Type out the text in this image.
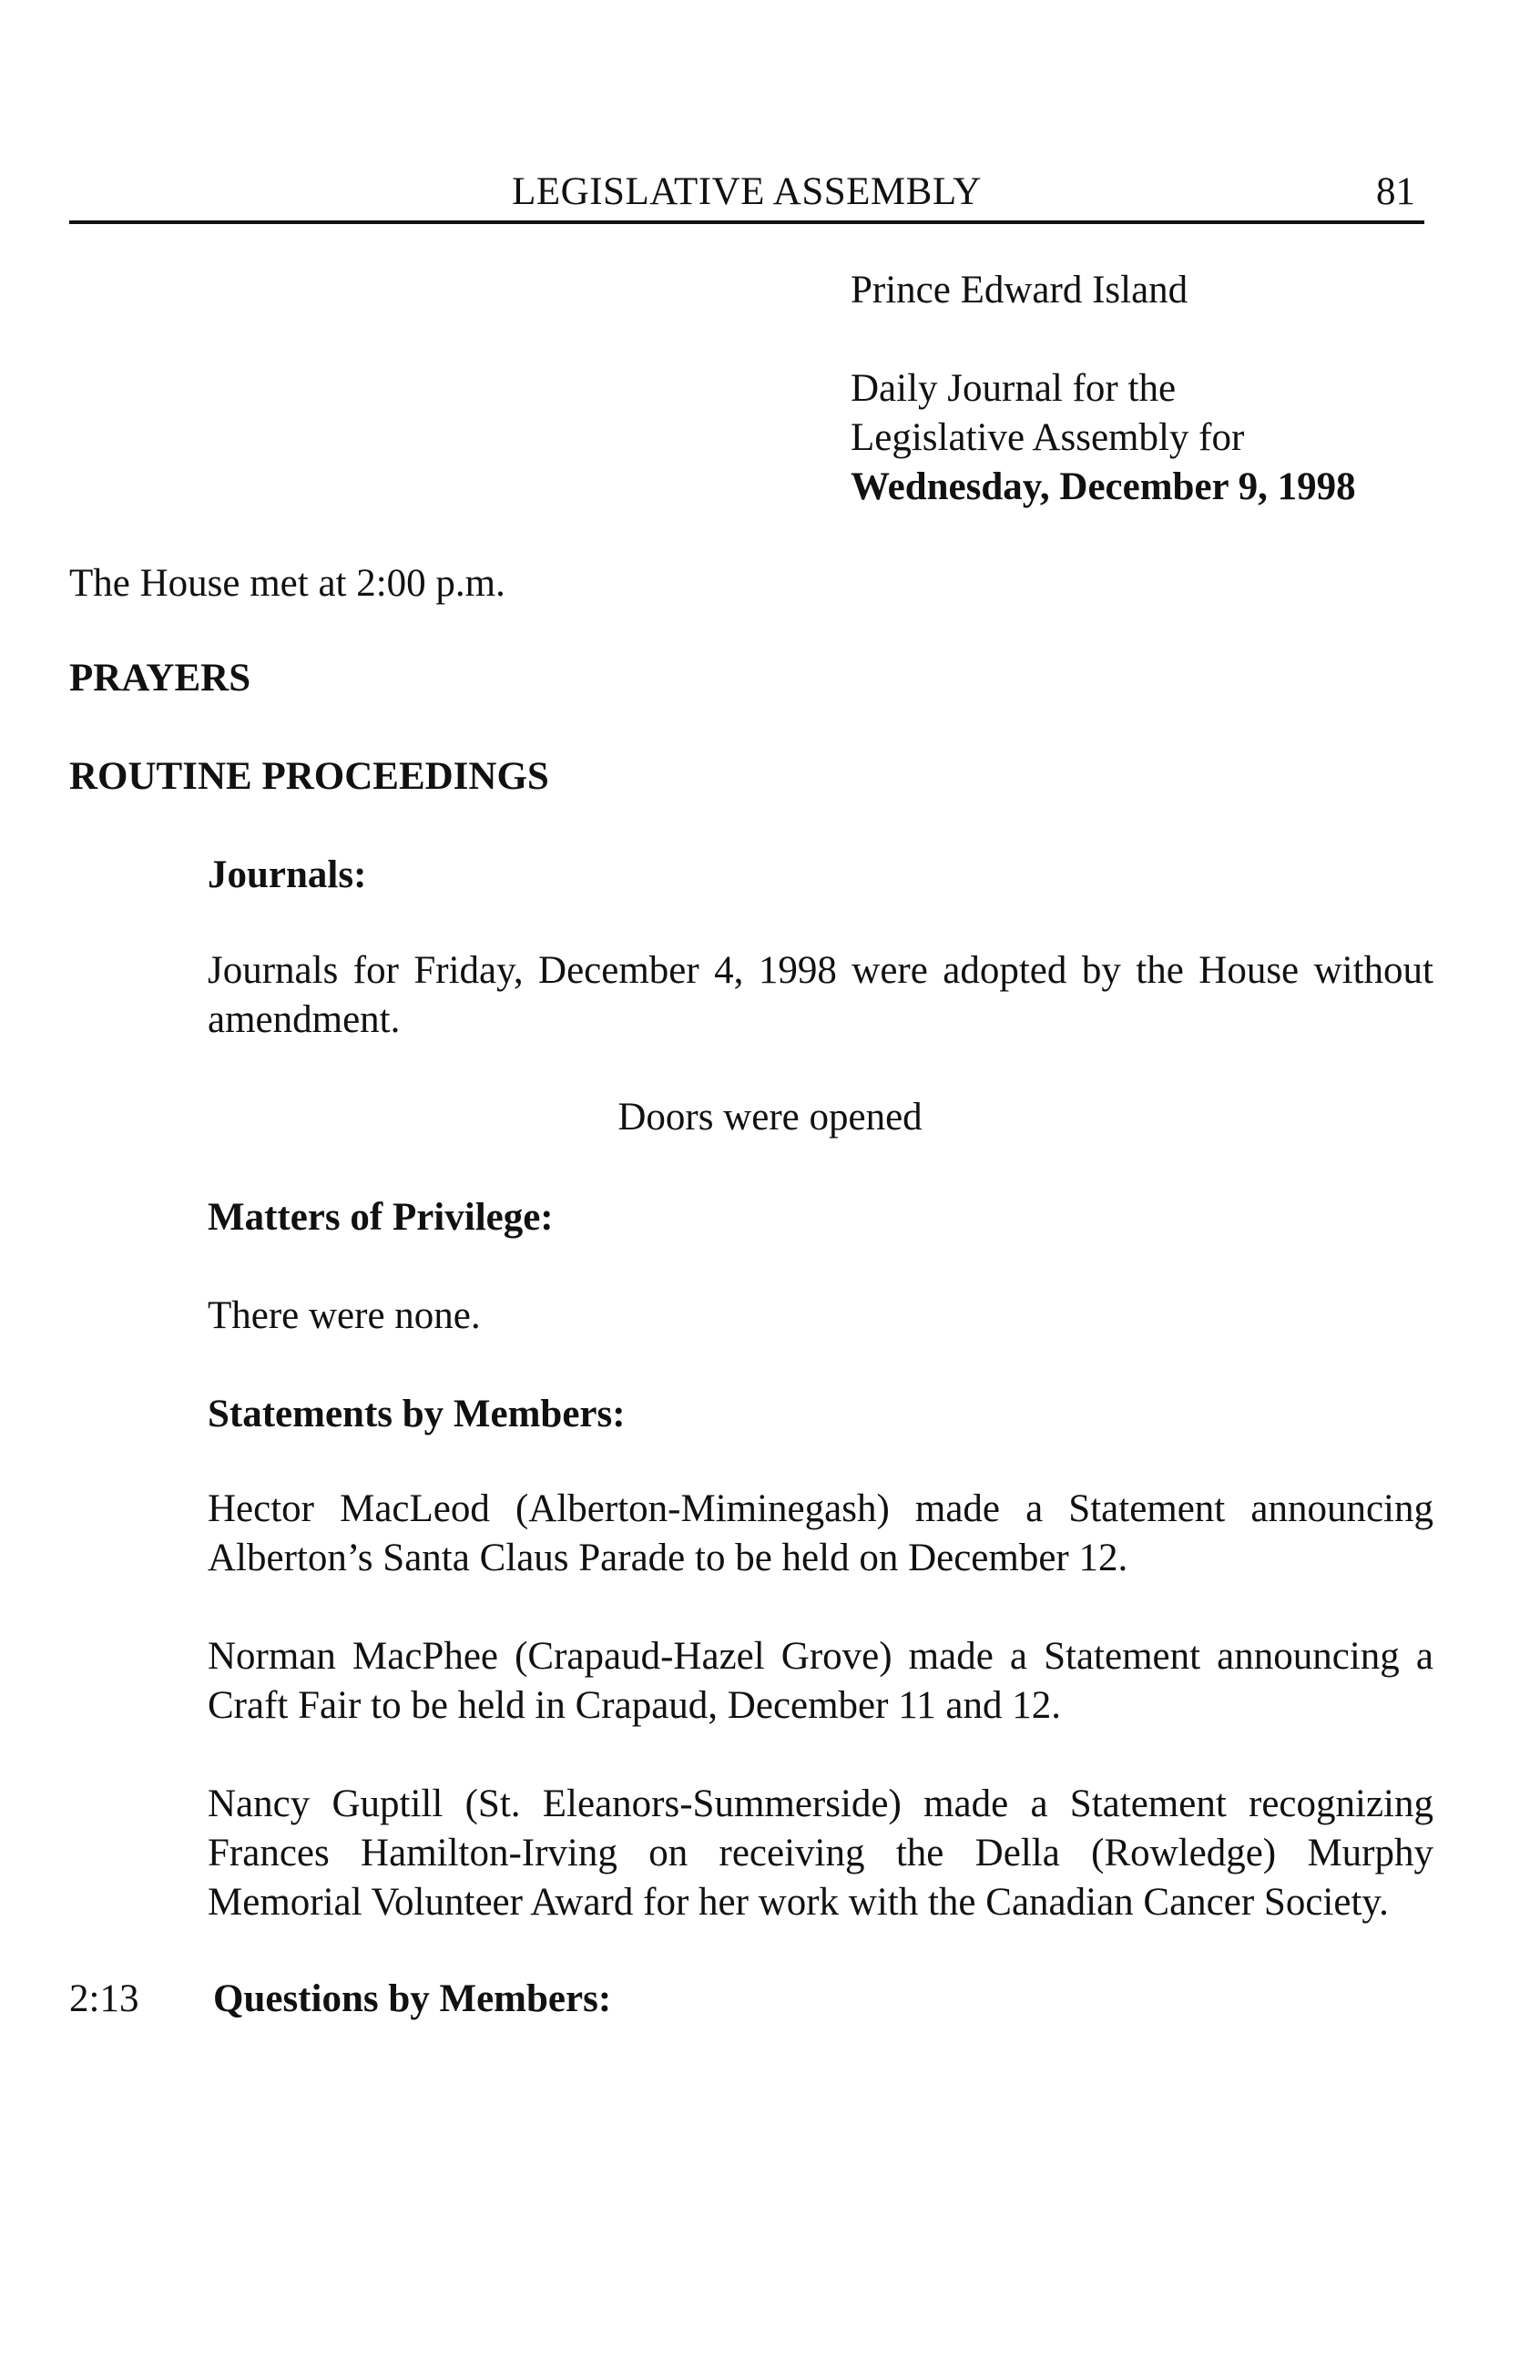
LEGISLATIVE ASSEMBLY	81

Prince Edward Island

Daily Journal for the

Legislative Assembly for

Wednesday, December 9, 1998

The House met at 2:00 p.m.

PRAYERS

ROUTINE PROCEEDINGS

Journals:

Journals for Friday, December 4, 1998 were adopted by the House without amendment.

Doors were opened

Matters of Privilege:

There were none.

Statements by Members:

Hector MacLeod (Alberton-Miminegash) made a Statement announcing Alberton’s Santa Claus Parade to be held on December 12.

Norman MacPhee (Crapaud-Hazel Grove) made a Statement announcing a Craft Fair to be held in Crapaud, December 11 and 12.

Nancy Guptill (St. Eleanors-Summerside) made a Statement recognizing Frances Hamilton-Irving on receiving the Della (Rowledge) Murphy Memorial Volunteer Award for her work with the Canadian Cancer Society.

2:13 Questions by Members:
